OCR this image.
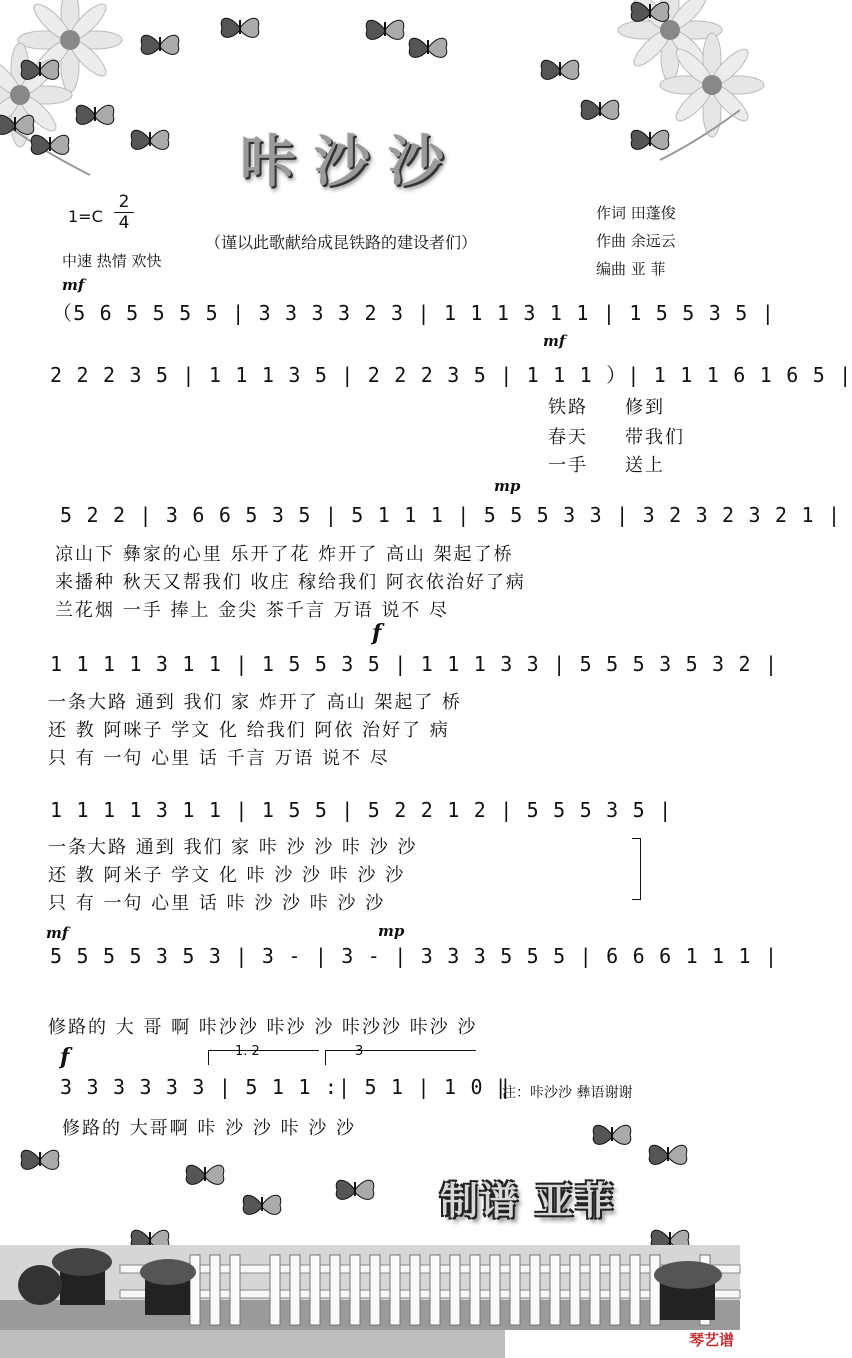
咔沙沙
1=C
2
4
（谨以此歌献给成昆铁路的建设者们）
中速 热情 欢快
作词 田蓬俊
作曲 余远云
编曲 亚 菲
mf
mf
mp
f
mf	mp
f
（5 6 5 5 5 5 | 3 3 3 3 2 3 | 1 1 1 3 1 1 | 1 5 5 3 5 |
2 2 2 3 5 | 1 1 1 3 5 | 2 2 2 3 5 | 1 1 1 ）| 1 1 1 6 1 6 5 |
5 2 2 | 3 6 6 5 3 5 | 5 1 1 1 | 5 5 5 3 3 | 3 2 3 2 3 2 1 |
1 1 1 1 3 1 1 | 1 5 5 3 5 | 1 1 1 3 3 | 5 5 5 3 5 3 2 |
1 1 1 1 3 1 1 | 1 5 5 | 5 2 2 1 2 | 5 5 5 3 5 |
5 5 5 5 3 5 3 | 3 - | 3 - | 3 3 3 5 5 5 | 6 6 6 1 1 1 |
3 3 3 3 3 3 | 5 1 1 :| 5 1 | 1 0 ‖
1. 2	3
铁路 修到
春天 带我们
一手 送上
凉山下 彝家的心里 乐开了花 炸开了 高山 架起了桥
来播种 秋天又帮我们 收庄 稼给我们 阿衣依治好了病
兰花烟 一手 捧上 金尖 茶千言 万语 说不 尽
一条大路 通到 我们 家 炸开了 高山 架起了 桥
还 教 阿咪子 学文 化 给我们 阿依 治好了 病
只 有 一句 心里 话 千言 万语 说不 尽
一条大路 通到 我们 家 咔 沙 沙 咔 沙 沙
还 教 阿米子 学文 化 咔 沙 沙 咔 沙 沙
只 有 一句 心里 话 咔 沙 沙 咔 沙 沙
修路的 大 哥 啊 咔沙沙 咔沙 沙 咔沙沙 咔沙 沙
修路的 大哥啊 咔 沙 沙 咔 沙 沙
注：咔沙沙 彝语谢谢
制谱 亚菲
琴艺谱
